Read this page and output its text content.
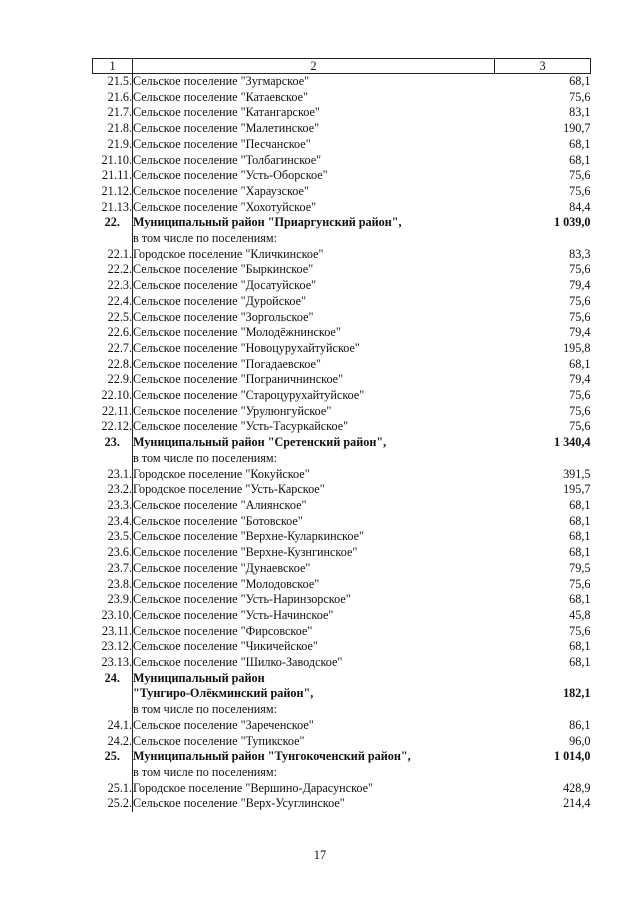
1	2	3
21.5.	Сельское поселение "Зугмарское"	68,1
21.6.	Сельское поселение "Катаевское"	75,6
21.7.	Сельское поселение "Катангарское"	83,1
21.8.	Сельское поселение "Малетинское"	190,7
21.9.	Сельское поселение "Песчанское"	68,1
21.10.	Сельское поселение "Толбагинское"	68,1
21.11.	Сельское поселение "Усть-Оборское"	75,6
21.12.	Сельское поселение "Хараузское"	75,6
21.13.	Сельское поселение "Хохотуйское"	84,4
22.	Муниципальный район "Приаргунский район",	1 039,0
	в том числе по поселениям:	
22.1.	Городское поселение "Кличкинское"	83,3
22.2.	Сельское поселение "Быркинское"	75,6
22.3.	Сельское поселение "Досатуйское"	79,4
22.4.	Сельское поселение "Дуройское"	75,6
22.5.	Сельское поселение "Зоргольское"	75,6
22.6.	Сельское поселение "Молодёжнинское"	79,4
22.7.	Сельское поселение "Новоцурухайтуйское"	195,8
22.8.	Сельское поселение "Погадаевское"	68,1
22.9.	Сельское поселение "Пограничнинское"	79,4
22.10.	Сельское поселение "Староцурухайтуйское"	75,6
22.11.	Сельское поселение "Урулюнгуйское"	75,6
22.12.	Сельское поселение "Усть-Тасуркайское"	75,6
23.	Муниципальный район "Сретенский район",	1 340,4
	в том числе по поселениям:	
23.1.	Городское поселение "Кокуйское"	391,5
23.2.	Городское поселение "Усть-Карское"	195,7
23.3.	Сельское поселение "Алиянское"	68,1
23.4.	Сельское поселение "Ботовское"	68,1
23.5.	Сельское поселение "Верхне-Куларкинское"	68,1
23.6.	Сельское поселение "Верхне-Кузнгинское"	68,1
23.7.	Сельское поселение "Дунаевское"	79,5
23.8.	Сельское поселение "Молодовское"	75,6
23.9.	Сельское поселение "Усть-Наринзорское"	68,1
23.10.	Сельское поселение "Усть-Начинское"	45,8
23.11.	Сельское поселение "Фирсовское"	75,6
23.12.	Сельское поселение "Чикичейское"	68,1
23.13.	Сельское поселение "Шилко-Заводское"	68,1
24.	Муниципальный район	
	"Тунгиро-Олёкминский район",	182,1
	в том числе по поселениям:	
24.1.	Сельское поселение "Зареченское"	86,1
24.2.	Сельское поселение "Тупикское"	96,0
25.	Муниципальный район "Тунгокоченский район",	1 014,0
	в том числе по поселениям:	
25.1.	Городское поселение "Вершино-Дарасунское"	428,9
25.2.	Сельское поселение "Верх-Усуглинское"	214,4
17
